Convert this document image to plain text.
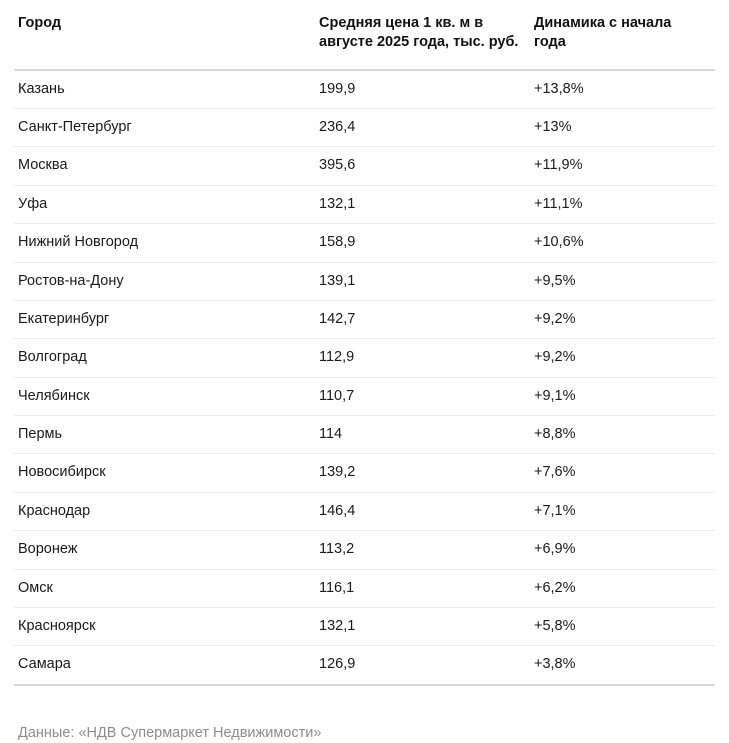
Город	Средняя цена 1 кв. м в августе 2025 года, тыс. руб.	Динамика с начала года
Казань	199,9	+13,8%
Санкт-Петербург	236,4	+13%
Москва	395,6	+11,9%
Уфа	132,1	+11,1%
Нижний Новгород	158,9	+10,6%
Ростов-на-Дону	139,1	+9,5%
Екатеринбург	142,7	+9,2%
Волгоград	112,9	+9,2%
Челябинск	110,7	+9,1%
Пермь	114	+8,8%
Новосибирск	139,2	+7,6%
Краснодар	146,4	+7,1%
Воронеж	113,2	+6,9%
Омск	116,1	+6,2%
Красноярск	132,1	+5,8%
Самара	126,9	+3,8%
Данные: «НДВ Супермаркет Недвижимости»
